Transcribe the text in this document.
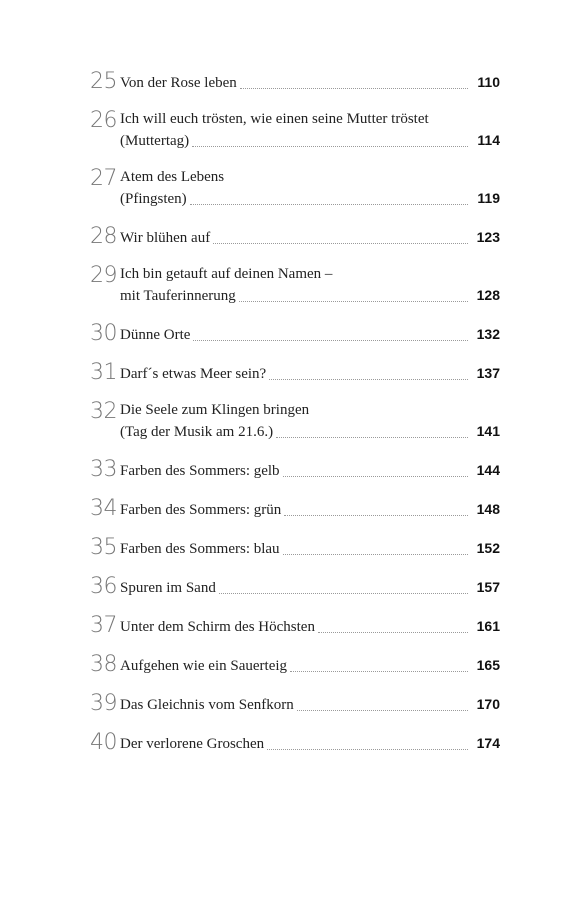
25 Von der Rose leben	110
26 Ich will euch trösten, wie einen seine Mutter tröstet
(Muttertag)	114
27 Atem des Lebens
(Pfingsten)	119
28 Wir blühen auf	123
29 Ich bin getauft auf deinen Namen –
mit Tauferinnerung	128
30 Dünne Orte	132
31 Darf´s etwas Meer sein?	137
32 Die Seele zum Klingen bringen
(Tag der Musik am 21.6.)	141
33 Farben des Sommers: gelb	144
34 Farben des Sommers: grün	148
35 Farben des Sommers: blau	152
36 Spuren im Sand	157
37 Unter dem Schirm des Höchsten	161
38 Aufgehen wie ein Sauerteig	165
39 Das Gleichnis vom Senfkorn	170
40 Der verlorene Groschen	174
